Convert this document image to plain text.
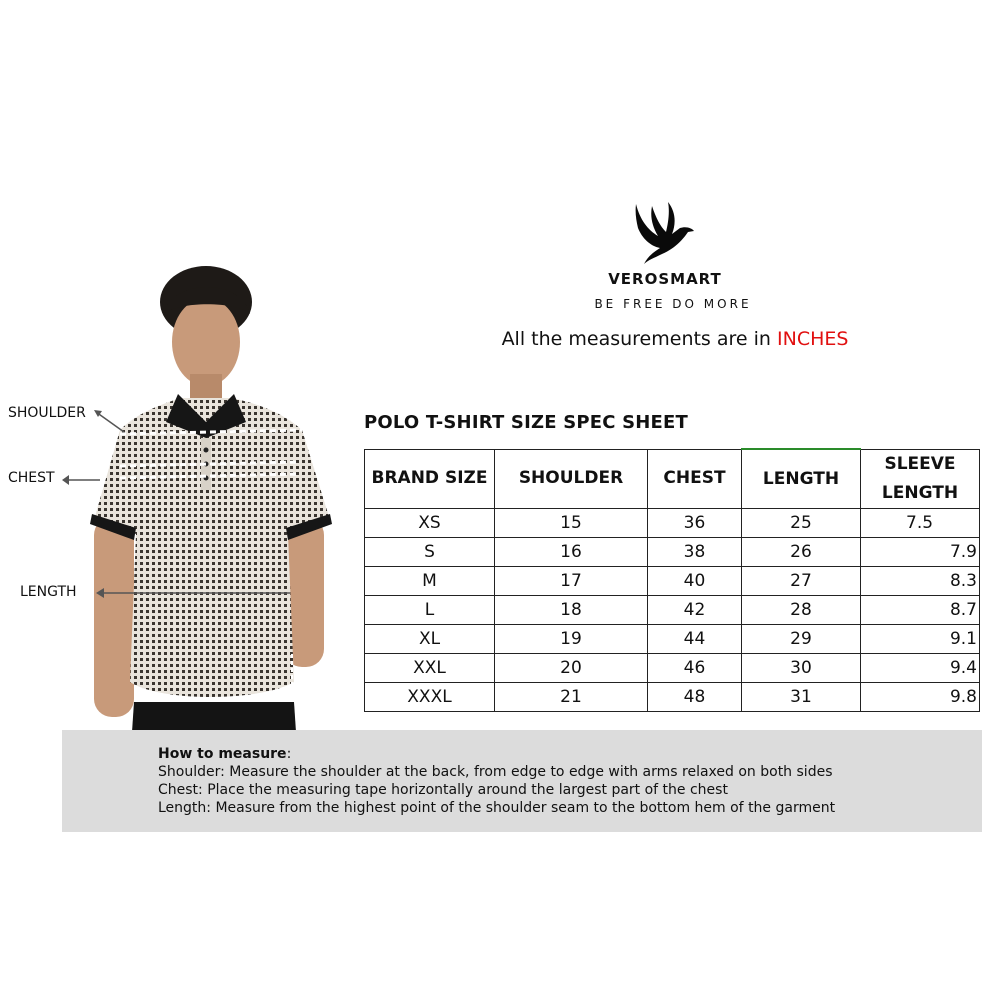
VEROSMART
BE FREE DO MORE
All the measurements are in INCHES
SHOULDER
CHEST
LENGTH
POLO T-SHIRT SIZE SPEC SHEET
BRAND SIZE	SHOULDER	CHEST	LENGTH	SLEEVE LENGTH
XS	15	36	25	7.5
S	16	38	26	7.9
M	17	40	27	8.3
L	18	42	28	8.7
XL	19	44	29	9.1
XXL	20	46	30	9.4
XXXL	21	48	31	9.8
How to measure:
Shoulder: Measure the shoulder at the back, from edge to edge with arms relaxed on both sides
Chest: Place the measuring tape horizontally around the largest part of the chest
Length: Measure from the highest point of the shoulder seam to the bottom hem of the garment
